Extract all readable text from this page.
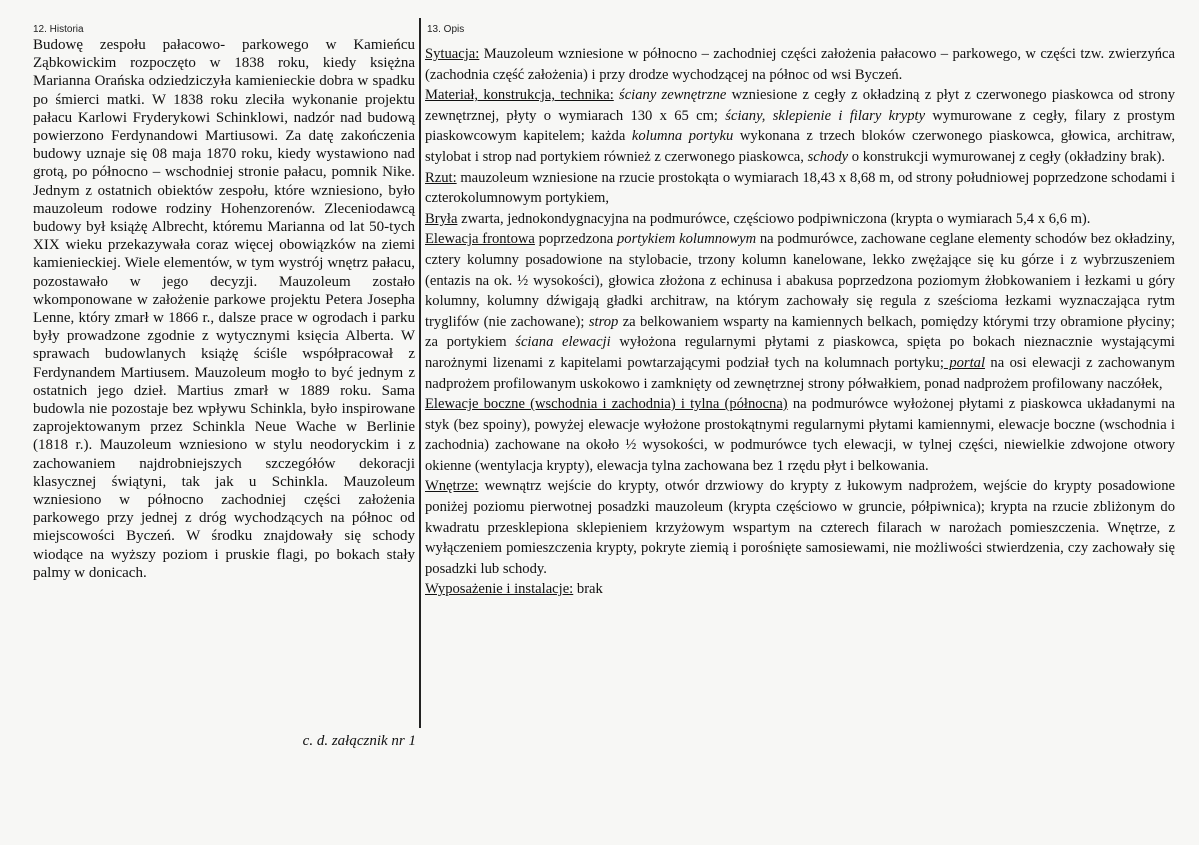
12. Historia

Budowę zespołu pałacowo- parkowego w Kamieńcu Ząbkowickim rozpoczęto w 1838 roku, kiedy księżna Marianna Orańska odziedziczyła kamienieckie dobra w spadku po śmierci matki. W 1838 roku zleciła wykonanie projektu pałacu Karlowi Fryderykowi Schinklowi, nadzór nad budową powierzono Ferdynandowi Martiusowi. Za datę zakończenia budowy uznaje się 08 maja 1870 roku, kiedy wystawiono nad grotą, po północno – wschodniej stronie pałacu, pomnik Nike. Jednym z ostatnich obiektów zespołu, które wzniesiono, było mauzoleum rodowe rodziny Hohenzorenów. Zleceniodawcą budowy był książę Albrecht, któremu Marianna od lat 50-tych XIX wieku przekazywała coraz więcej obowiązków na ziemi kamienieckiej. Wiele elementów, w tym wystrój wnętrz pałacu, pozostawało w jego decyzji. Mauzoleum zostało wkomponowane w założenie parkowe projektu Petera Josepha Lenne, który zmarł w 1866 r., dalsze prace w ogrodach i parku były prowadzone zgodnie z wytycznymi księcia Alberta. W sprawach budowlanych książę ściśle współpracował z Ferdynandem Martiusem. Mauzoleum mogło to być jednym z ostatnich jego dzieł. Martius zmarł w 1889 roku. Sama budowla nie pozostaje bez wpływu Schinkla, było inspirowane zaprojektowanym przez Schinkla Neue Wache w Berlinie (1818 r.). Mauzoleum wzniesiono w stylu neodoryckim i z zachowaniem najdrobniejszych szczegółów dekoracji klasycznej świątyni, tak jak u Schinkla. Mauzoleum wzniesiono w północno zachodniej części założenia parkowego przy jednej z dróg wychodzących na północ od miejscowości Byczeń. W środku znajdowały się schody wiodące na wyższy poziom i pruskie flagi, po bokach stały palmy w donicach.

c. d. załącznik nr 1
13. Opis

Sytuacja: Mauzoleum wzniesione w północno – zachodniej części założenia pałacowo – parkowego, w części tzw. zwierzyńca (zachodnia część założenia) i przy drodze wychodzącej na północ od wsi Byczeń.

Materiał, konstrukcja, technika: ściany zewnętrzne wzniesione z cegły z okładziną z płyt z czerwonego piaskowca od strony zewnętrznej, płyty o wymiarach 130 x 65 cm; ściany, sklepienie i filary krypty wymurowane z cegły, filary z prostym piaskowcowym kapitelem; każda kolumna portyku wykonana z trzech bloków czerwonego piaskowca, głowica, architraw, stylobat i strop nad portykiem również z czerwonego piaskowca, schody o konstrukcji wymurowanej z cegły (okładziny brak).

Rzut: mauzoleum wzniesione na rzucie prostokąta o wymiarach 18,43 x 8,68 m, od strony południowej poprzedzone schodami i czterokolumnowym portykiem,

Bryła zwarta, jednokondygnacyjna na podmurówce, częściowo podpiwniczona (krypta o wymiarach 5,4 x 6,6 m).

Elewacja frontowa poprzedzona portykiem kolumnowym na podmurówce, zachowane ceglane elementy schodów bez okładziny, cztery kolumny posadowione na stylobacie, trzony kolumn kanelowane, lekko zwężające się ku górze i z wybrzuszeniem (entazis na ok. ½ wysokości), głowica złożona z echinusa i abakusa poprzedzona poziomym żłobkowaniem i łezkami u góry kolumny, kolumny dźwigają gładki architraw, na którym zachowały się regula z sześcioma łezkami wyznaczająca rytm tryglifów (nie zachowane); strop za belkowaniem wsparty na kamiennych belkach, pomiędzy którymi trzy obramione płyciny; za portykiem ściana elewacji wyłożona regularnymi płytami z piaskowca, spięta po bokach nieznacznie wystającymi narożnymi lizenami z kapitelami powtarzającymi podział tych na kolumnach portyku; portal na osi elewacji z zachowanym nadprożem profilowanym uskokowo i zamknięty od zewnętrznej strony półwałkiem, ponad nadprożem profilowany naczółek,

Elewacje boczne (wschodnia i zachodnia) i tylna (północna) na podmurówce wyłożonej płytami z piaskowca układanymi na styk (bez spoiny), powyżej elewacje wyłożone prostokątnymi regularnymi płytami kamiennymi, elewacje boczne (wschodnia i zachodnia) zachowane na około ½ wysokości, w podmurówce tych elewacji, w tylnej części, niewielkie zdwojone otwory okienne (wentylacja krypty), elewacja tylna zachowana bez 1 rzędu płyt i belkowania.

Wnętrze: wewnątrz wejście do krypty, otwór drzwiowy do krypty z łukowym nadprożem, wejście do krypty posadowione poniżej poziomu pierwotnej posadzki mauzoleum (krypta częściowo w gruncie, półpiwnica); krypta na rzucie zbliżonym do kwadratu przesklepiona sklepieniem krzyżowym wspartym na czterech filarach w narożach pomieszczenia. Wnętrze, z wyłączeniem pomieszczenia krypty, pokryte ziemią i porośnięte samosiewami, nie możliwości stwierdzenia, czy zachowały się posadzki lub schody.

Wyposażenie i instalacje: brak
